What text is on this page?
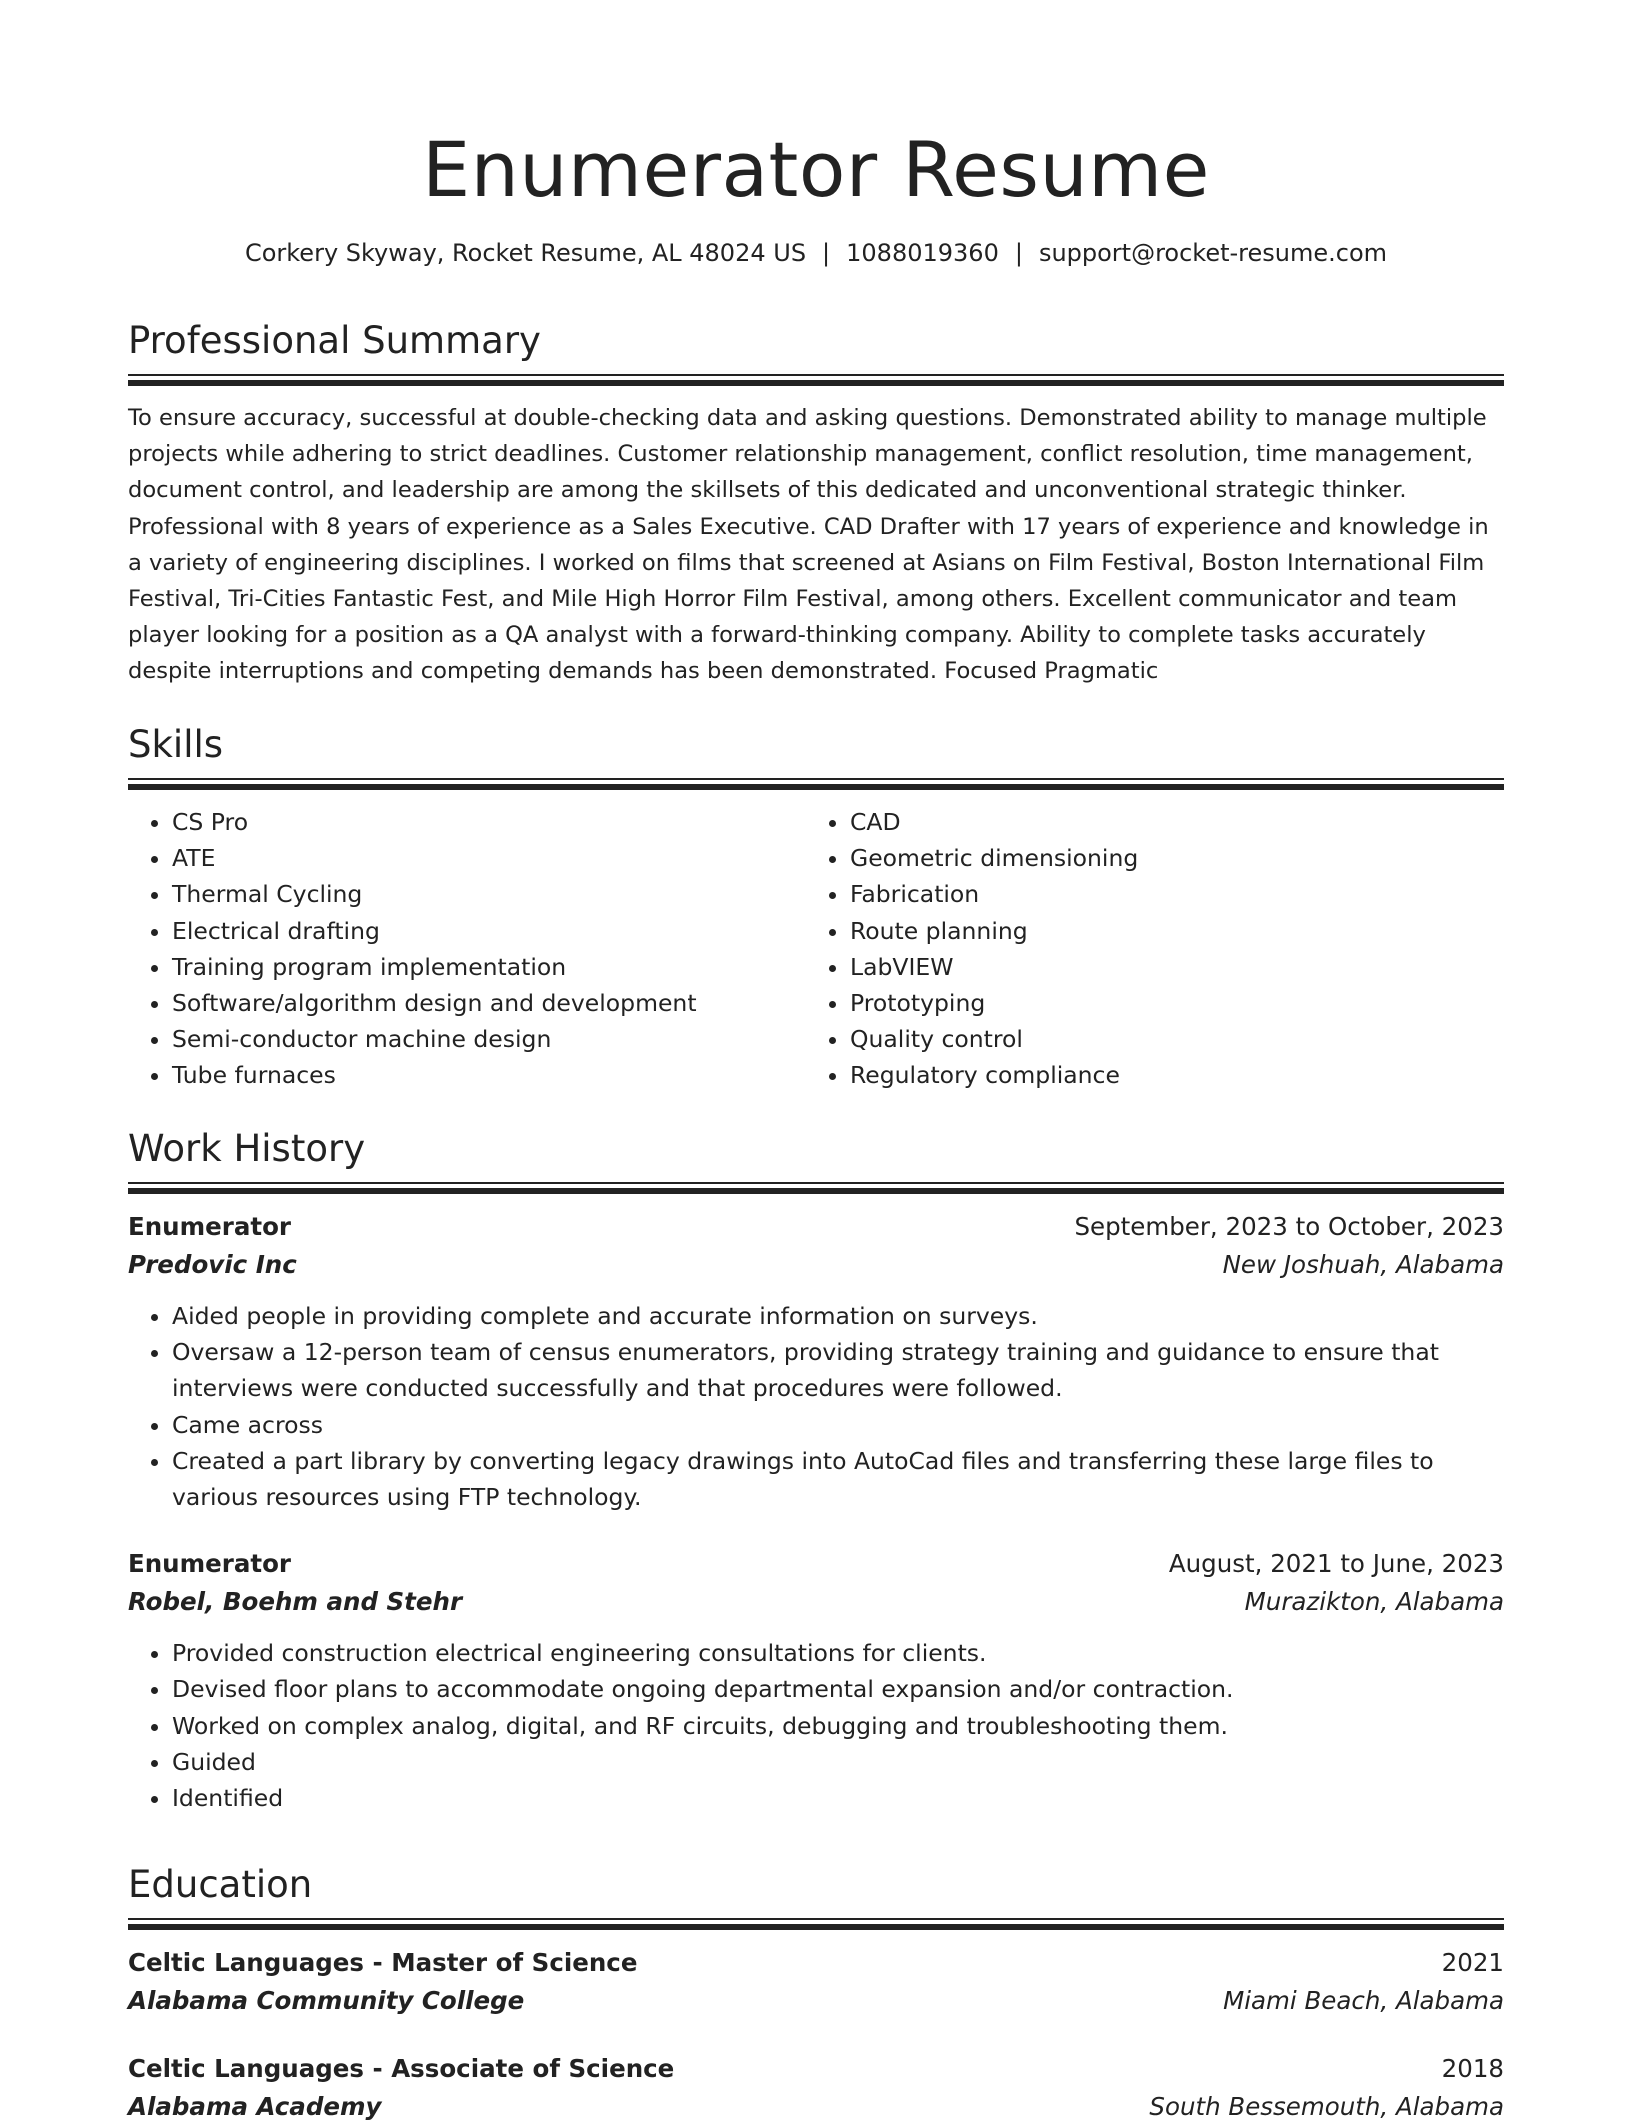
Enumerator Resume
Corkery Skyway, Rocket Resume, AL 48024 US | 1088019360 | support@rocket-resume.com
Professional Summary

To ensure accuracy, successful at double-checking data and asking questions. Demonstrated ability to manage multiple projects while adhering to strict deadlines. Customer relationship management, conflict resolution, time management, document control, and leadership are among the skillsets of this dedicated and unconventional strategic thinker. Professional with 8 years of experience as a Sales Executive. CAD Drafter with 17 years of experience and knowledge in a variety of engineering disciplines. I worked on films that screened at Asians on Film Festival, Boston International Film Festival, Tri-Cities Fantastic Fest, and Mile High Horror Film Festival, among others. Excellent communicator and team player looking for a position as a QA analyst with a forward-thinking company. Ability to complete tasks accurately despite interruptions and competing demands has been demonstrated. Focused Pragmatic

Skills
• CS Pro
• ATE
• Thermal Cycling
• Electrical drafting
• Training program implementation
• Software/algorithm design and development
• Semi-conductor machine design
• Tube furnaces
• CAD
• Geometric dimensioning
• Fabrication
• Route planning
• LabVIEW
• Prototyping
• Quality control
• Regulatory compliance
Work History
Enumerator	September, 2023 to October, 2023
Predovic Inc	New Joshuah, Alabama
• Aided people in providing complete and accurate information on surveys.
• Oversaw a 12-person team of census enumerators, providing strategy training and guidance to ensure that interviews were conducted successfully and that procedures were followed.
• Came across
• Created a part library by converting legacy drawings into AutoCad files and transferring these large files to various resources using FTP technology.
Enumerator	August, 2021 to June, 2023
Robel, Boehm and Stehr	Murazikton, Alabama
• Provided construction electrical engineering consultations for clients.
• Devised floor plans to accommodate ongoing departmental expansion and/or contraction.
• Worked on complex analog, digital, and RF circuits, debugging and troubleshooting them.
• Guided
• Identified
Education
Celtic Languages - Master of Science	2021
Alabama Community College	Miami Beach, Alabama
Celtic Languages - Associate of Science	2018
Alabama Academy	South Bessemouth, Alabama
